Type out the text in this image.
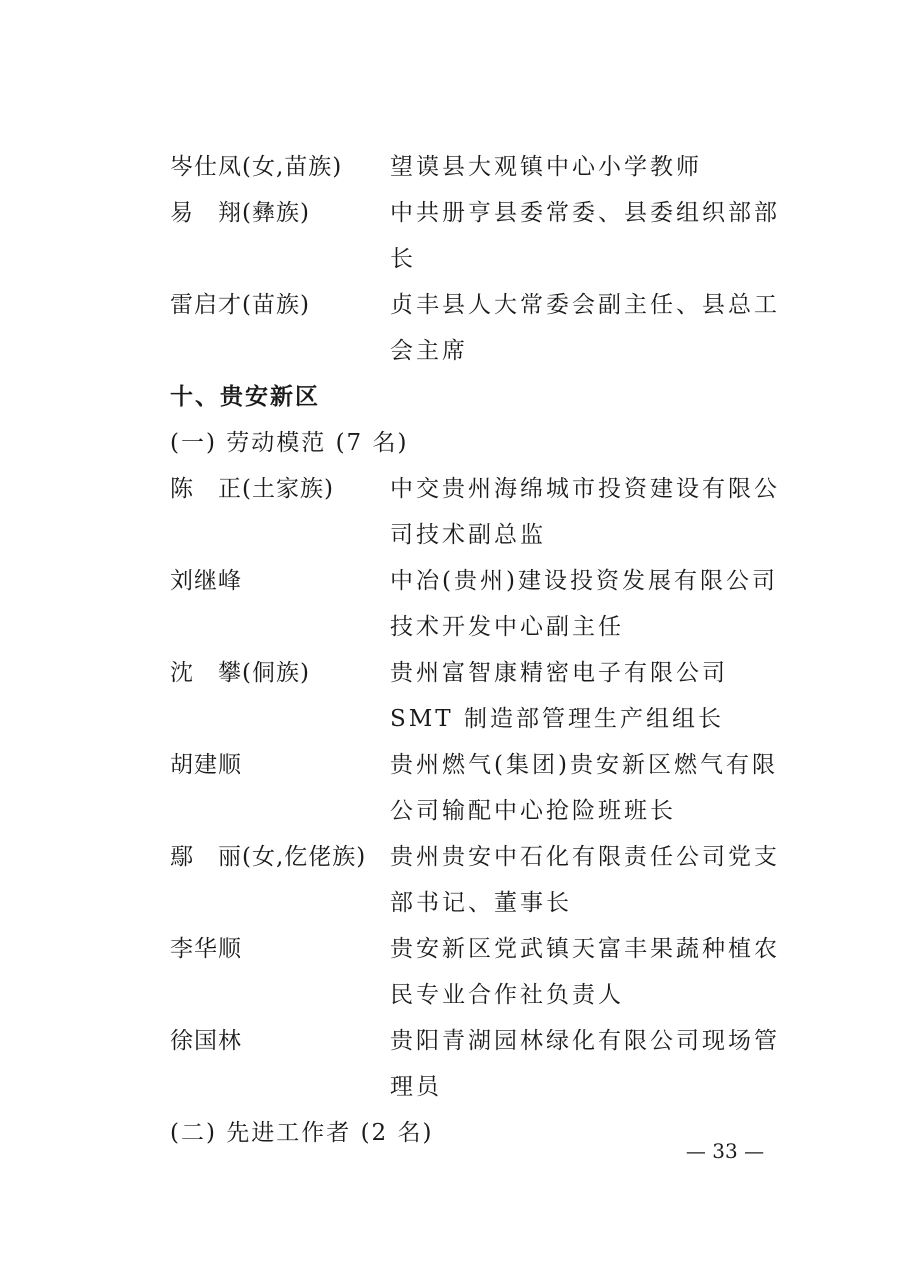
岑仕凤(女,苗族)	望谟县大观镇中心小学教师
易　翔(彝族)	中共册亨县委常委、县委组织部部长
雷启才(苗族)	贞丰县人大常委会副主任、县总工会主席
十、贵安新区
(一) 劳动模范 (7 名)
陈　正(土家族)	中交贵州海绵城市投资建设有限公司技术副总监
刘继峰	中冶(贵州)建设投资发展有限公司技术开发中心副主任
沈　攀(侗族)	贵州富智康精密电子有限公司 SMT 制造部管理生产组组长
胡建顺	贵州燃气(集团)贵安新区燃气有限公司输配中心抢险班班长
鄢　丽(女,仡佬族)	贵州贵安中石化有限责任公司党支部书记、董事长
李华顺	贵安新区党武镇天富丰果蔬种植农民专业合作社负责人
徐国林	贵阳青湖园林绿化有限公司现场管理员
(二) 先进工作者 (2 名)
— 33 —
